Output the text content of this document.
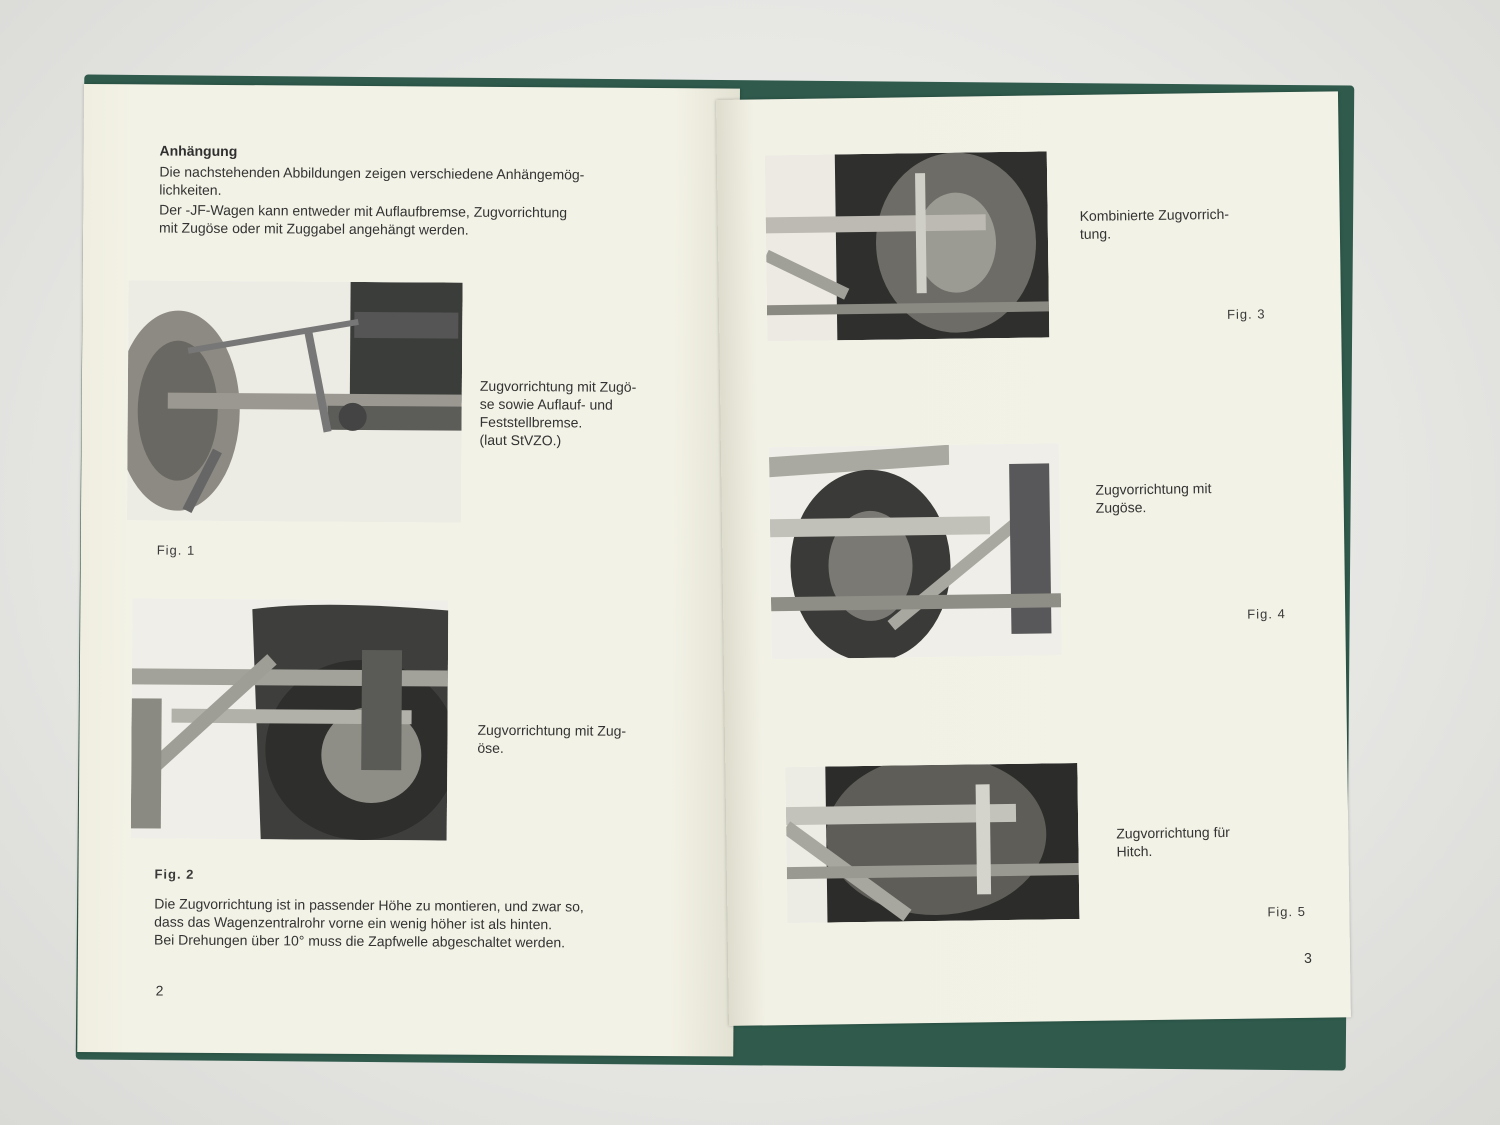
Anhängung
Die nachstehenden Abbildungen zeigen verschiedene Anhängemög-
lichkeiten.
Der -JF-Wagen kann entweder mit Auflaufbremse, Zugvorrichtung
mit Zugöse oder mit Zuggabel angehängt werden.
Zugvorrichtung mit Zugö-
se sowie Auflauf- und
Feststellbremse.
(laut StVZO.)
Fig. 1
Zugvorrichtung mit Zug-
öse.
Fig. 2
Die Zugvorrichtung ist in passender Höhe zu montieren, und zwar so,
dass das Wagenzentralrohr vorne ein wenig höher ist als hinten.
Bei Drehungen über 10° muss die Zapfwelle abgeschaltet werden.
2
Kombinierte Zugvorrich-
tung.
Fig. 3
Zugvorrichtung mit
Zugöse.
Fig. 4
Zugvorrichtung für
Hitch.
Fig. 5
3
